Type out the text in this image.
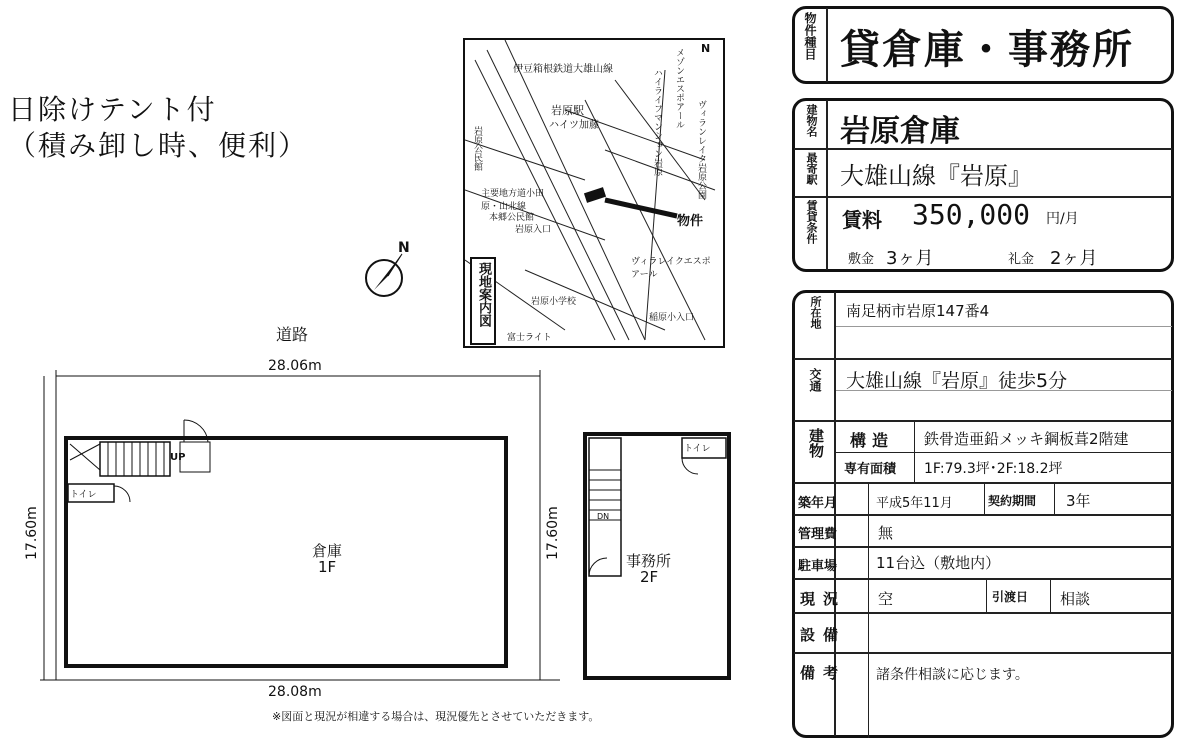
日除けテント付
（積み卸し時、便利）
N
道路
28.06m
28.08m
17.60m	17.60m
UP
トイレ
トイレ
DN
倉庫
1F	事務所
2F
※図面と現況が相違する場合は、現況優先とさせていただきます。
現地案内図
N
伊豆箱根鉄道大雄山線
岩原駅
ハイツ加藤	ハイライフマンション岩原 メゾンエスポアール
岩原公民館
主要地方道小田原・山北線
本郷公民館
岩原入口
物件
ヴィラレイクエスポアール
岩原小学校
富士ライト
ヴィランレイク岩原公園
稲原小入口
物件種目 貸倉庫・事務所
建物名 岩原倉庫
最寄駅 大雄山線『岩原』
賃貸条件 賃料 350,000 円/月
敷金 3ヶ月	礼金 2ヶ月
所在地 南足柄市岩原147番4
交通 大雄山線『岩原』徒歩5分
建物 構造 鉄骨造亜鉛メッキ鋼板葺2階建
専有面積 1F:79.3坪･2F:18.2坪
築年月	平成5年11月	契約期間 3年
管理費	無
駐車場	11台込（敷地内）
現況 空	引渡日 相談
設備
備考 諸条件相談に応じます。
